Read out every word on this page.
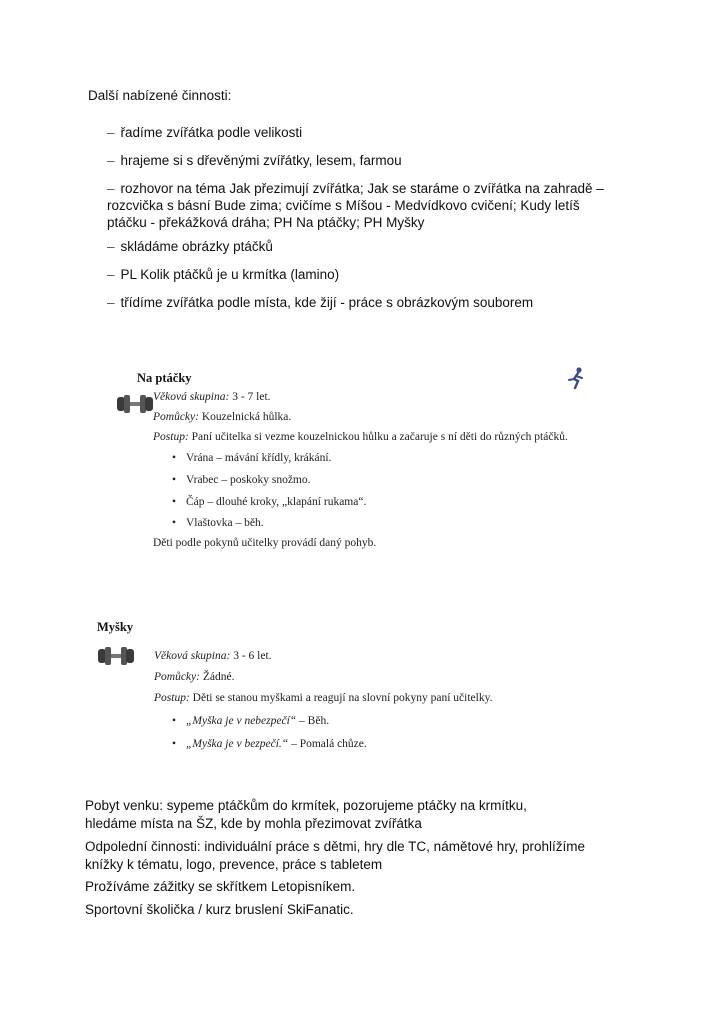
Další nabízené činnosti:
– řadíme zvířátka podle velikosti
– hrajeme si s dřevěnými zvířátky, lesem, farmou
– rozhovor na téma Jak přezimují zvířátka; Jak se staráme o zvířátka na zahradě –
rozcvička s básní Bude zima; cvičíme s Míšou - Medvídkovo cvičení; Kudy letíš
ptáčku - překážková dráha; PH Na ptáčky; PH Myšky
– skládáme obrázky ptáčků
– PL Kolik ptáčků je u krmítka (lamino)
– třídíme zvířátka podle místa, kde žijí - práce s obrázkovým souborem
Na ptáčky
Věková skupina: 3 - 7 let.
Pomůcky: Kouzelnická hůlka.
Postup: Paní učitelka si vezme kouzelnickou hůlku a začaruje s ní děti do různých ptáčků.
• Vrána – mávání křídly, krákání.
• Vrabec – poskoky snožmo.
• Čáp – dlouhé kroky, „klapání rukama“.
• Vlaštovka – běh.
Děti podle pokynů učitelky provádí daný pohyb.
Myšky
Věková skupina: 3 - 6 let.
Pomůcky: Žádné.
Postup: Děti se stanou myškami a reagují na slovní pokyny paní učitelky.
• „Myška je v nebezpečí“ – Běh.
• „Myška je v bezpečí.“ – Pomalá chůze.
Pobyt venku: sypeme ptáčkům do krmítek, pozorujeme ptáčky na krmítku,
hledáme místa na ŠZ, kde by mohla přezimovat zvířátka
Odpolední činnosti: individuální práce s dětmi, hry dle TC, námětové hry, prohlížíme
knížky k tématu, logo, prevence, práce s tabletem
Prožíváme zážitky se skřítkem Letopisníkem.
Sportovní školička / kurz bruslení SkiFanatic.
